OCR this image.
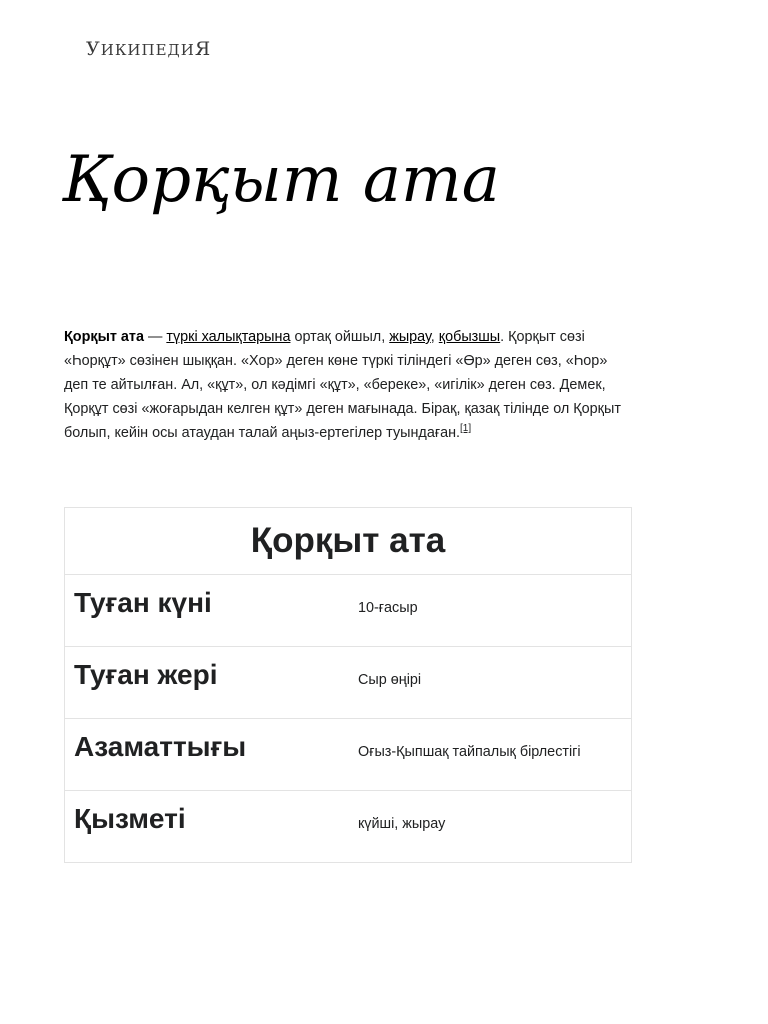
УИКИПЕДИЯ
Қорқыт ата

Қорқыт ата — түркі халықтарына ортақ ойшыл, жырау, қобызшы. Қорқыт сөзі «Һорқұт» сөзінен шыққан. «Хор» деген көне түркі тіліндегі «Өр» деген сөз, «Һор» деп те айтылған. Ал, «құт», ол кәдімгі «құт», «береке», «игілік» деген сөз. Демек, Қорқұт сөзі «жоғарыдан келген құт» деген мағынада. Бірақ, қазақ тілінде ол Қорқыт болып, кейін осы атаудан талай аңыз-ертегілер туындаған.[1]

Қорқыт ата
Туған күні	10-ғасыр
Туған жері	Сыр өңірі
Азаматтығы	Оғыз-Қыпшақ тайпалық бірлестігі
Қызметі	күйші, жырау
